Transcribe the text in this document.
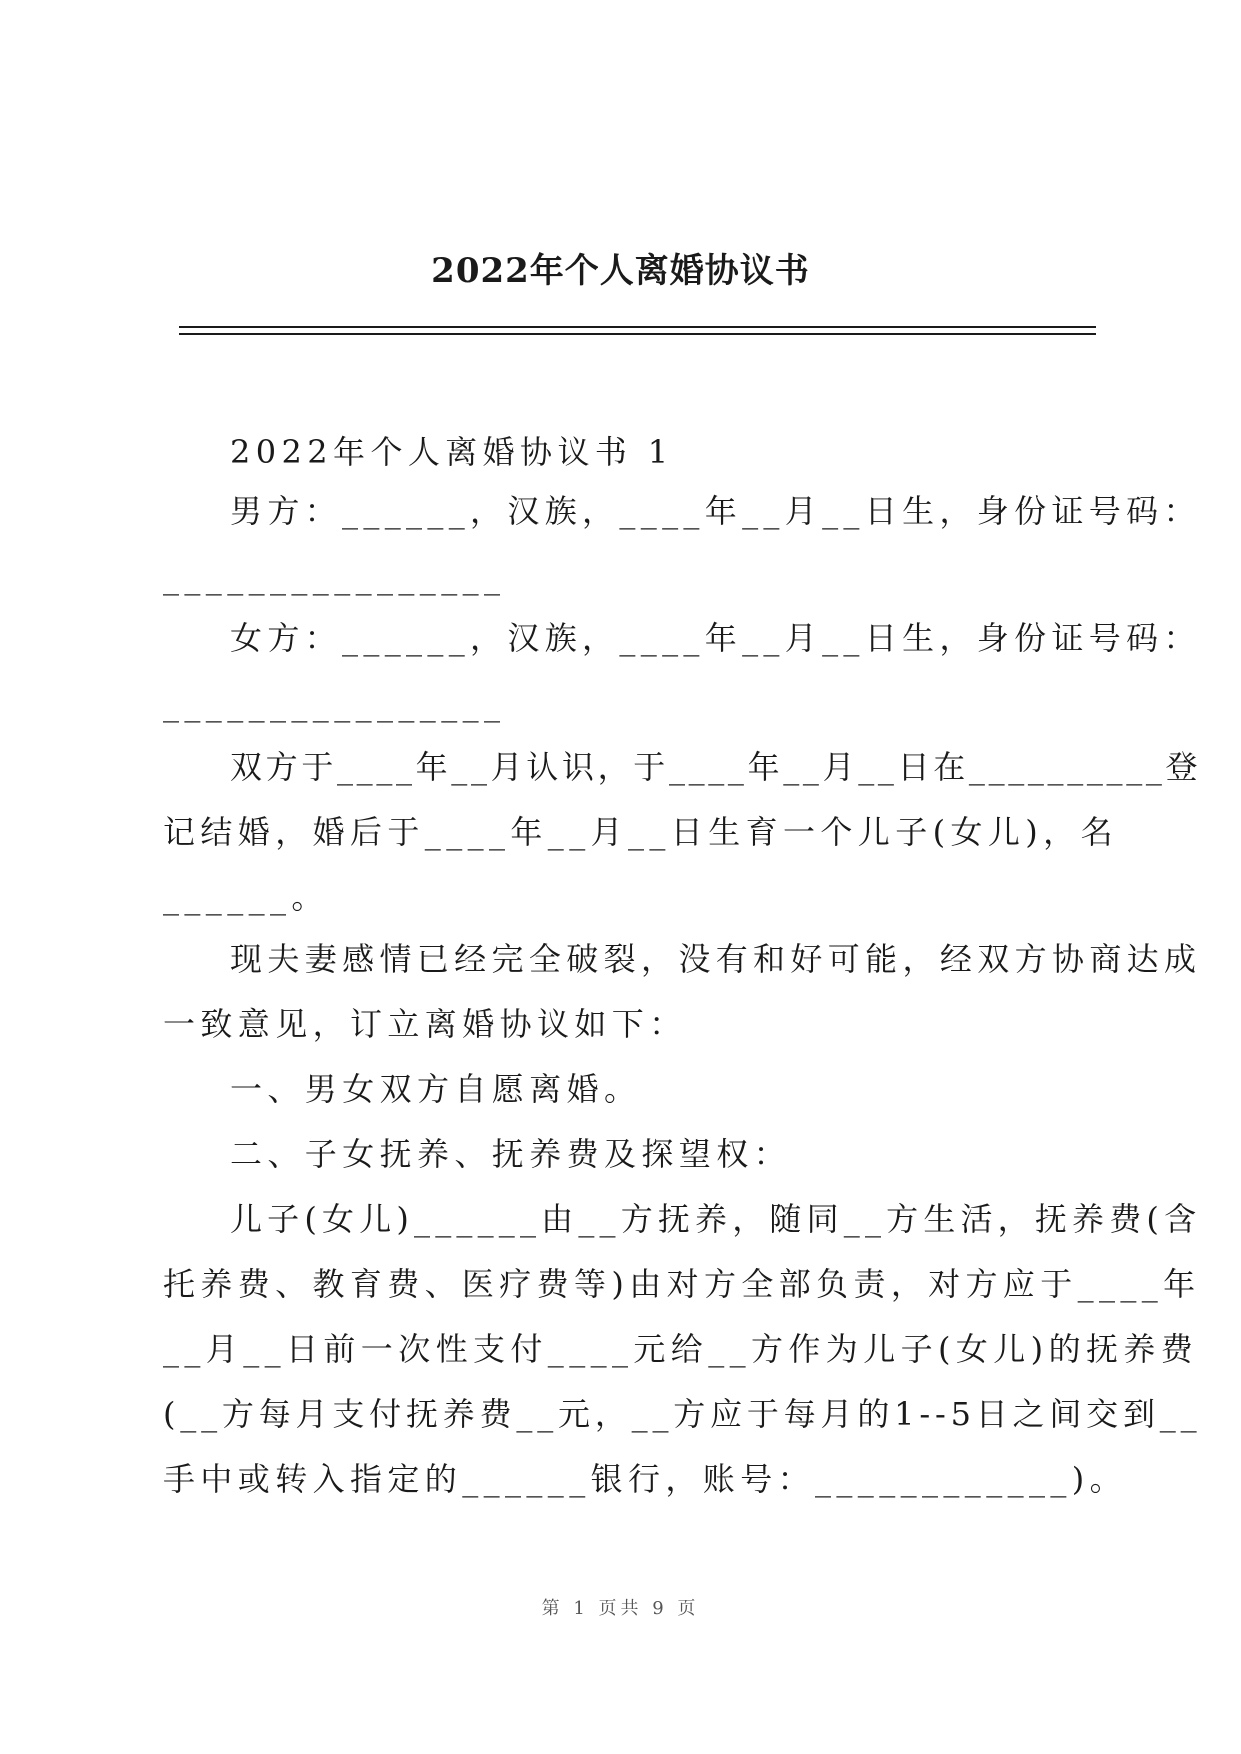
2022年个人离婚协议书
2022年个人离婚协议书 1
男方：______，汉族，____年__月__日生，身份证号码：
________________
女方：______，汉族，____年__月__日生，身份证号码：
________________
双方于____年__月认识，于____年__月__日在__________登
记结婚，婚后于____年__月__日生育一个儿子(女儿)，名
______。
现夫妻感情已经完全破裂，没有和好可能，经双方协商达成
一致意见，订立离婚协议如下：
一、男女双方自愿离婚。
二、子女抚养、抚养费及探望权：
儿子(女儿)______由__方抚养，随同__方生活，抚养费(含
托养费、教育费、医疗费等)由对方全部负责，对方应于____年
__月__日前一次性支付____元给__方作为儿子(女儿)的抚养费
(__方每月支付抚养费__元，__方应于每月的1--5日之间交到__
手中或转入指定的______银行，账号：____________)。
第 1 页共 9 页
